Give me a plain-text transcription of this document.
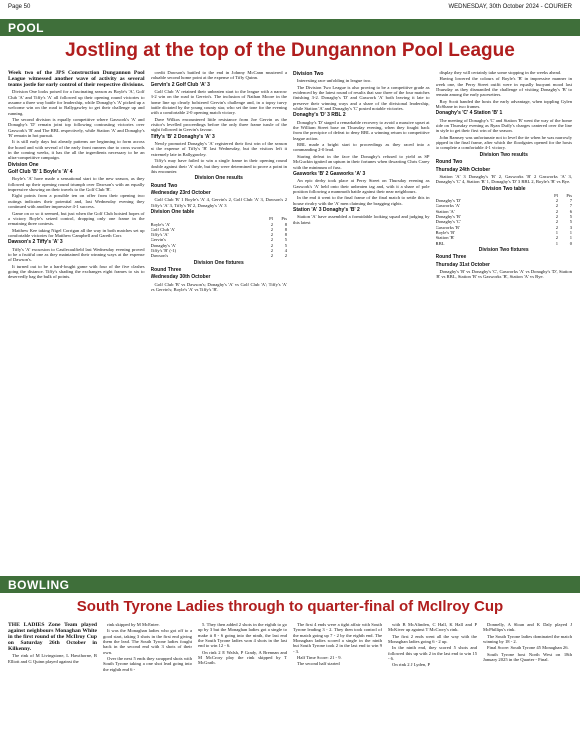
Page 50	WEDNESDAY, 30th October 2024 - COURIER
POOL
Jostling at the top of the Dungannon Pool League

Week two of the JPS Construction Dungannon Pool League witnessed another wave of activity as several teams jostle for early control of their respective divisions.

Division One looks poised for a fascinating season as Boyle's 'A', Golf Club 'A' and Tiffy's 'A' all followed up their opening round victories to assume a three way battle for leadership, while Donaghy's 'A' picked up a welcome win on the road to Ballygawley to get their challenge up and running.

The second division is equally competitive where Gaswork's 'A' and Donaghy's 'D' remain joint top following contrasting victories over Gaswork's 'B' and The RBL respectively, while Station 'A' and Donaghy's 'B' remain in hot pursuit.

It is still early days but already patterns are beginning to form across the board and with several of the early front runners due to cross swords in the coming weeks, it has the all the ingredients necessary to be an ultra-competitive campaign.

Division One

Golf Club 'B' 1 Boyle's 'A' 4

Boyle's 'A' have made a sensational start to the new season, as they followed up their opening round triumph over Dawson's with an equally impressive showing on their travels to the Golf Club 'B'.

Eight points from a possible ten on offer from their opening two outings indicates their potential and, last Wednesday evening they continued with another impressive 4-1 success.

Game on or so it seemed, but just when the Golf Club hoisted hopes of a victory Boyle's seized control, dropping only one frame in the remaining three contests.

Matthew Kee taking Nigel Corrigan all the way in both matches set up comfortable victories for Matthew Campbell and Gareth Corr.

Dawson's 2 Tiffy's 'A' 3

Tiffy's 'A' excursion to Castlecaulfield last Wednesday evening proved to be a fruitful one as they maintained their winning ways at the expense of Dawson's.

It turned out to be a hard-fought game with four of the five clashes going the distance. Tiffy's shading the exchanges eight frames to six to deservedly bag the bulk of points.

credit Dawson's battled to the end in Johnny McCann mustered a valuable second home point at the expense of Tiffy Quinn.

Gervin's 2 Golf Club 'A' 3

Golf Club 'A' retained their unbeaten start to the league with a narrow 3-2 win on the road to Gervin's. The inclusion of Nathan Moore in the home line up clearly bolstered Gervin's challenge and, in a topsy turvy battle dictated by the young county star, who set the tone for the evening with a comfortable 2-0 opening match victory.

Dave Wilkos encountered little resistance from Joe Gervin as the visitor's levelled proceedings before the only three frame tussle of the night followed in Gervin's favour.

Tiffy's 'B' 2 Donaghy's 'A' 3

Newly promoted Donaghy's 'A' registered their first win of the season at the expense of Tiffy's 'B' last Wednesday, but the visitors left it extremely late in Ballygawley.

Tiffy's may have failed to win a single frame in their opening round double against their 'A' side, but they were determined to prove a point in this encounter.

Division One results

Round Two

Wednesday 23rd October

Golf Club 'B' 1 Boyle's 'A' 4, Gervin's 2, Golf Club 'A' 3, Dawson's 2 Tiffy's 'A' 3, Tiffy's 'B' 2, Donaghy's 'A' 3

Division One table

	Pl	Pts
Boyle's 'A'	2	8
Golf Club 'A'	2	8
Tiffy's 'A'	2	8
Gervin's	2	5
Donaghy's 'A'	2	5
Tiffy's 'B' (-1)	2	4
Dawson's	2	2

Division One fixtures

Round Three

Wednesday 30th October

Golf Club 'B' vs Dawson's; Donaghy's 'A' vs Golf Club 'A'; Tiffy's 'A' vs Gervin's; Boyle's 'A' vs Tiffy's 'B'.

Division Two

Interesting race unfolding in league two.

The Division Two League is also proving to be a competitive grade as evidenced by the latest round of results that saw three of the four matches finishing 3-2. Donaghy's 'D' and Gaswork 'A' both leaving it late to preserve their winning ways and a share of the divisional leadership, while Station 'A' and Donaghy's 'C' posted notable victories.

Donaghy's 'D' 3 RBL 2

Donaghy's 'D' staged a remarkable recovery to avoid a massive upset at the William Street base on Thursday evening, when they fought back from the precipice of defeat to deny RBL a winning return to competitive league action.

RBL made a bright start to proceedings as they raced into a commanding 2-0 lead.

Staring defeat in the face the Donaghy's refused to yield as SP McGuckin ignited an upturn in their fortunes when thwarting Chris Carey with the minimum of fuss.

Gasworks 'B' 2 Gasworks 'A' 3

An epic derby took place at Perry Street on Thursday evening as Gaswork's 'A' held onto their unbeaten tag and, with it a share of pole position following a mammoth battle against their near neighbours.

In the end it went to the final frame of the final match to settle this in house rivalry with the 'A' men claiming the bragging rights.

Station 'A' 3 Donaghy's 'B' 2

Station 'A' have assembled a formidable looking squad and judging by this latest

display they will certainly take some stopping in the weeks ahead.

Having lowered the colours of Boyle's 'B' in impressive manner in week one, the Perry Street outfit were in equally buoyant mood last Thursday as they dismantled the challenge of visiting Donaghy's 'B' to remain among the early pacesetters.

Roy Scott handed the hosts the early advantage, when toppling Gylen McShane in two frames.

Donaghy's 'C' 4 Station 'B' 1

The meeting of Donaghy's 'C' and Station 'B' went the way of the home side on Thursday evening as Ryan Duffy's charges cantered over the line in style to get their first win of the season.

John Ramsey was unfortunate not to level the tie when he was narrowly pipped in the final frame, after which the floodgates opened for the hosts to complete a comfortable 4-1 victory.

Division Two results

Round Two

Thursday 24th October

Station 'A' 3 Donaghy's 'B' 2, Gasworks 'B' 2 Gasworks 'A' 3, Donaghy's 'C' 4, Station 'B' 1, Donaghy's 'D' 3 RBL 2, Boyle's 'B' vs Bye.

Division Two table

	Pl	Pts
Donaghy's 'D'	2	7
Gasworks 'A'	2	7
Station 'A'	2	6
Donaghy's 'B'	2	5
Donaghy's 'C'	2	5
Gasworks 'B'	2	3
Boyle's 'B'	1	1
Station 'B'	2	1
RBL	1	0

Division Two fixtures

Round Three

Thursday 31st October

Donaghy's 'B' vs Donaghy's 'C', Gasworks 'A' vs Donaghy's 'D', Station 'B' vs RBL, Station 'B' vs Gasworks 'B', Station 'A' vs Bye.

BOWLING
South Tyrone Ladies through to quarter-final of McIlroy Cup

THE LADIES Zone Team played against neighbours Monaghan White in the first round of the McIlroy Cup on Saturday 26th October in Kilkenny.

The rink of M Livingstone, L Hawthorne, B Elliott and G Quinn played against the

rink skipped by M McEntee.

It was the Monaghan ladies who got off to a good start, taking 3 shots in the first end giving them the lead. The South Tyrone ladies fought back in the second end with 3 shots of their own.

Over the next 5 ends they swapped shots with South Tyrone taking a one shot lead going into the eighth end 6 -

5. They then added 2 shots in the eighth to go up by 3 but the Monaghan ladies got a single to make it 8 - 6 going into the ninth, the last end the South Tyrone ladies won 4 shots in the last end to win 12 - 6.

On rink 2 E Walsh, P Grady, A Brennan and M McCrory play the rink skipped by T McGrath.

The first 4 ends were a tight affair with South Tyrone leading 3 - 2. They then took control of the match going up 7 - 2 by the eighth end. The Monaghan ladies scored a single in the ninth but South Tyrone took 2 in the last end to win 9 - 3.

Half Time Score: 21 - 9.

The second half started

with B McAlinden, C Hall, K Hall and P McKiver up against T McCrory's rink.

The first 2 ends went all the way with the Monaghan ladies going 6 - 2 up.

In the ninth end, they scored 5 shots and followed this up with 2 in the last end to win 15 - 6.

On rink 2 J Lyden, P

Donnelly, A Sloan and K Daly played J McPhillips's rink.

The South Tyrone ladies dominated the match winning by 18 - 2.

Final Score: South Tyrone 45 Monaghan 26.

South Tyrone host North West on 18th January 2025 in the Quarter - Final.
